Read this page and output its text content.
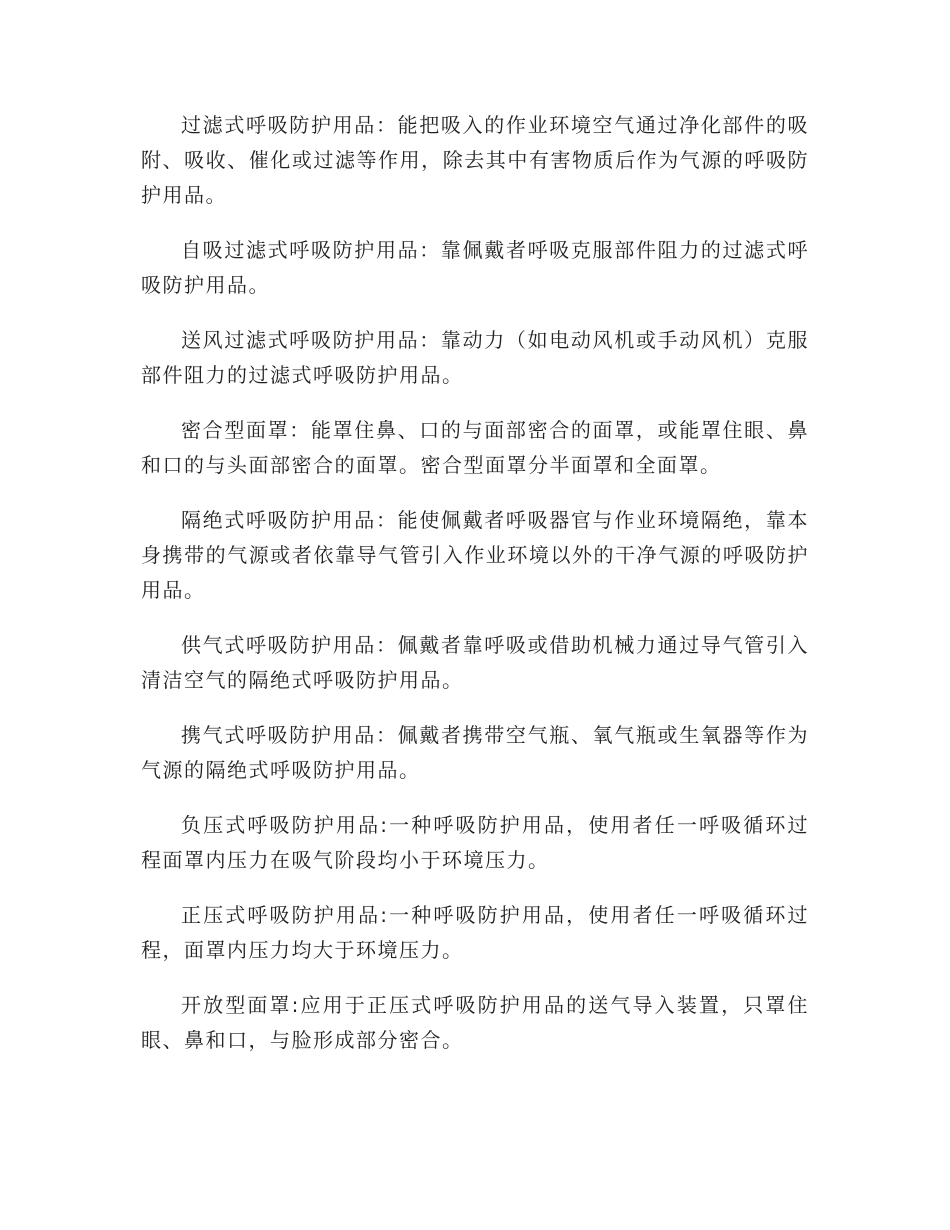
过滤式呼吸防护用品：能把吸入的作业环境空气通过净化部件的吸附、吸收、催化或过滤等作用，除去其中有害物质后作为气源的呼吸防护用品。

自吸过滤式呼吸防护用品：靠佩戴者呼吸克服部件阻力的过滤式呼吸防护用品。

送风过滤式呼吸防护用品：靠动力（如电动风机或手动风机）克服部件阻力的过滤式呼吸防护用品。

密合型面罩：能罩住鼻、口的与面部密合的面罩，或能罩住眼、鼻和口的与头面部密合的面罩。密合型面罩分半面罩和全面罩。

隔绝式呼吸防护用品：能使佩戴者呼吸器官与作业环境隔绝，靠本身携带的气源或者依靠导气管引入作业环境以外的干净气源的呼吸防护用品。

供气式呼吸防护用品：佩戴者靠呼吸或借助机械力通过导气管引入清洁空气的隔绝式呼吸防护用品。

携气式呼吸防护用品：佩戴者携带空气瓶、氧气瓶或生氧器等作为气源的隔绝式呼吸防护用品。

负压式呼吸防护用品:一种呼吸防护用品，使用者任一呼吸循环过程面罩内压力在吸气阶段均小于环境压力。

正压式呼吸防护用品:一种呼吸防护用品，使用者任一呼吸循环过程，面罩内压力均大于环境压力。

开放型面罩:应用于正压式呼吸防护用品的送气导入装置，只罩住眼、鼻和口，与脸形成部分密合。
